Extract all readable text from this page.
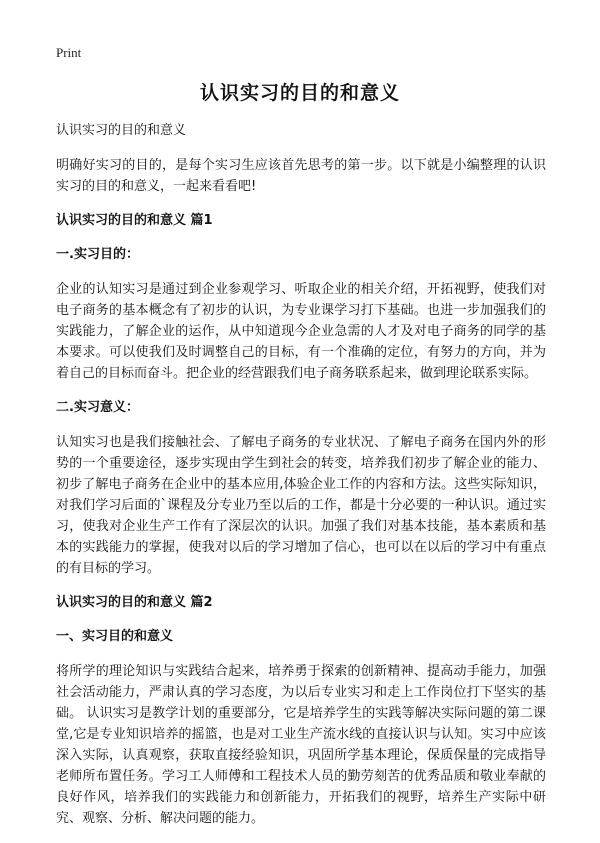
Print
认识实习的目的和意义

认识实习的目的和意义

明确好实习的目的，是每个实习生应该首先思考的第一步。以下就是小编整理的认识实习的目的和意义，一起来看看吧!

认识实习的目的和意义 篇1
一.实习目的：

企业的认知实习是通过到企业参观学习、听取企业的相关介绍，开拓视野，使我们对电子商务的基本概念有了初步的认识，为专业课学习打下基础。也进一步加强我们的实践能力，了解企业的运作，从中知道现今企业急需的人才及对电子商务的同学的基本要求。可以使我们及时调整自己的目标，有一个准确的定位，有努力的方向，并为着自己的目标而奋斗。把企业的经营跟我们电子商务联系起来，做到理论联系实际。

二.实习意义：

认知实习也是我们接触社会、了解电子商务的专业状况、了解电子商务在国内外的形势的一个重要途径，逐步实现由学生到社会的转变，培养我们初步了解企业的能力、初步了解电子商务在企业中的基本应用,体验企业工作的内容和方法。这些实际知识，对我们学习后面的`课程及分专业乃至以后的工作，都是十分必要的一种认识。通过实习，使我对企业生产工作有了深层次的认识。加强了我们对基本技能，基本素质和基本的实践能力的掌握，使我对以后的学习增加了信心，也可以在以后的学习中有重点的有目标的学习。

认识实习的目的和意义 篇2
一、实习目的和意义

将所学的理论知识与实践结合起来，培养勇于探索的创新精神、提高动手能力，加强社会活动能力，严肃认真的学习态度，为以后专业实习和走上工作岗位打下坚实的基础。 认识实习是教学计划的重要部分，它是培养学生的实践等解决实际问题的第二课堂,它是专业知识培养的摇篮，也是对工业生产流水线的直接认识与认知。实习中应该深入实际，认真观察，获取直接经验知识，巩固所学基本理论，保质保量的完成指导老师所布置任务。学习工人师傅和工程技术人员的勤劳刻苦的优秀品质和敬业奉献的良好作风，培养我们的实践能力和创新能力，开拓我们的视野，培养生产实际中研究、观察、分析、解决问题的能力。
